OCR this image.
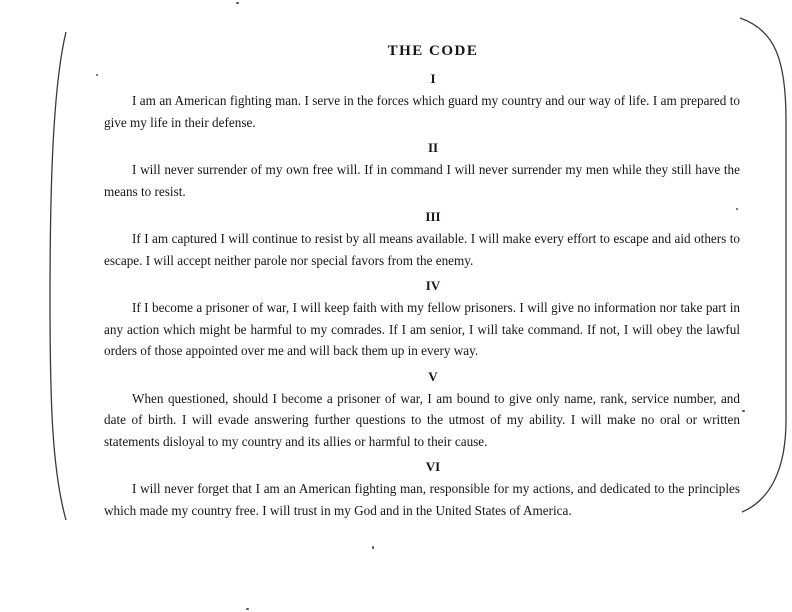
THE CODE
I

I am an American fighting man. I serve in the forces which guard my country and our way of life. I am prepared to give my life in their defense.

II

I will never surrender of my own free will. If in command I will never surrender my men while they still have the means to resist.

III

If I am captured I will continue to resist by all means available. I will make every effort to escape and aid others to escape. I will accept neither parole nor special favors from the enemy.

IV

If I become a prisoner of war, I will keep faith with my fellow prisoners. I will give no information nor take part in any action which might be harmful to my comrades. If I am senior, I will take command. If not, I will obey the lawful orders of those appointed over me and will back them up in every way.

V

When questioned, should I become a prisoner of war, I am bound to give only name, rank, service number, and date of birth. I will evade answering further questions to the utmost of my ability. I will make no oral or written statements disloyal to my country and its allies or harmful to their cause.

VI

I will never forget that I am an American fighting man, responsible for my actions, and dedicated to the principles which made my country free. I will trust in my God and in the United States of America.
